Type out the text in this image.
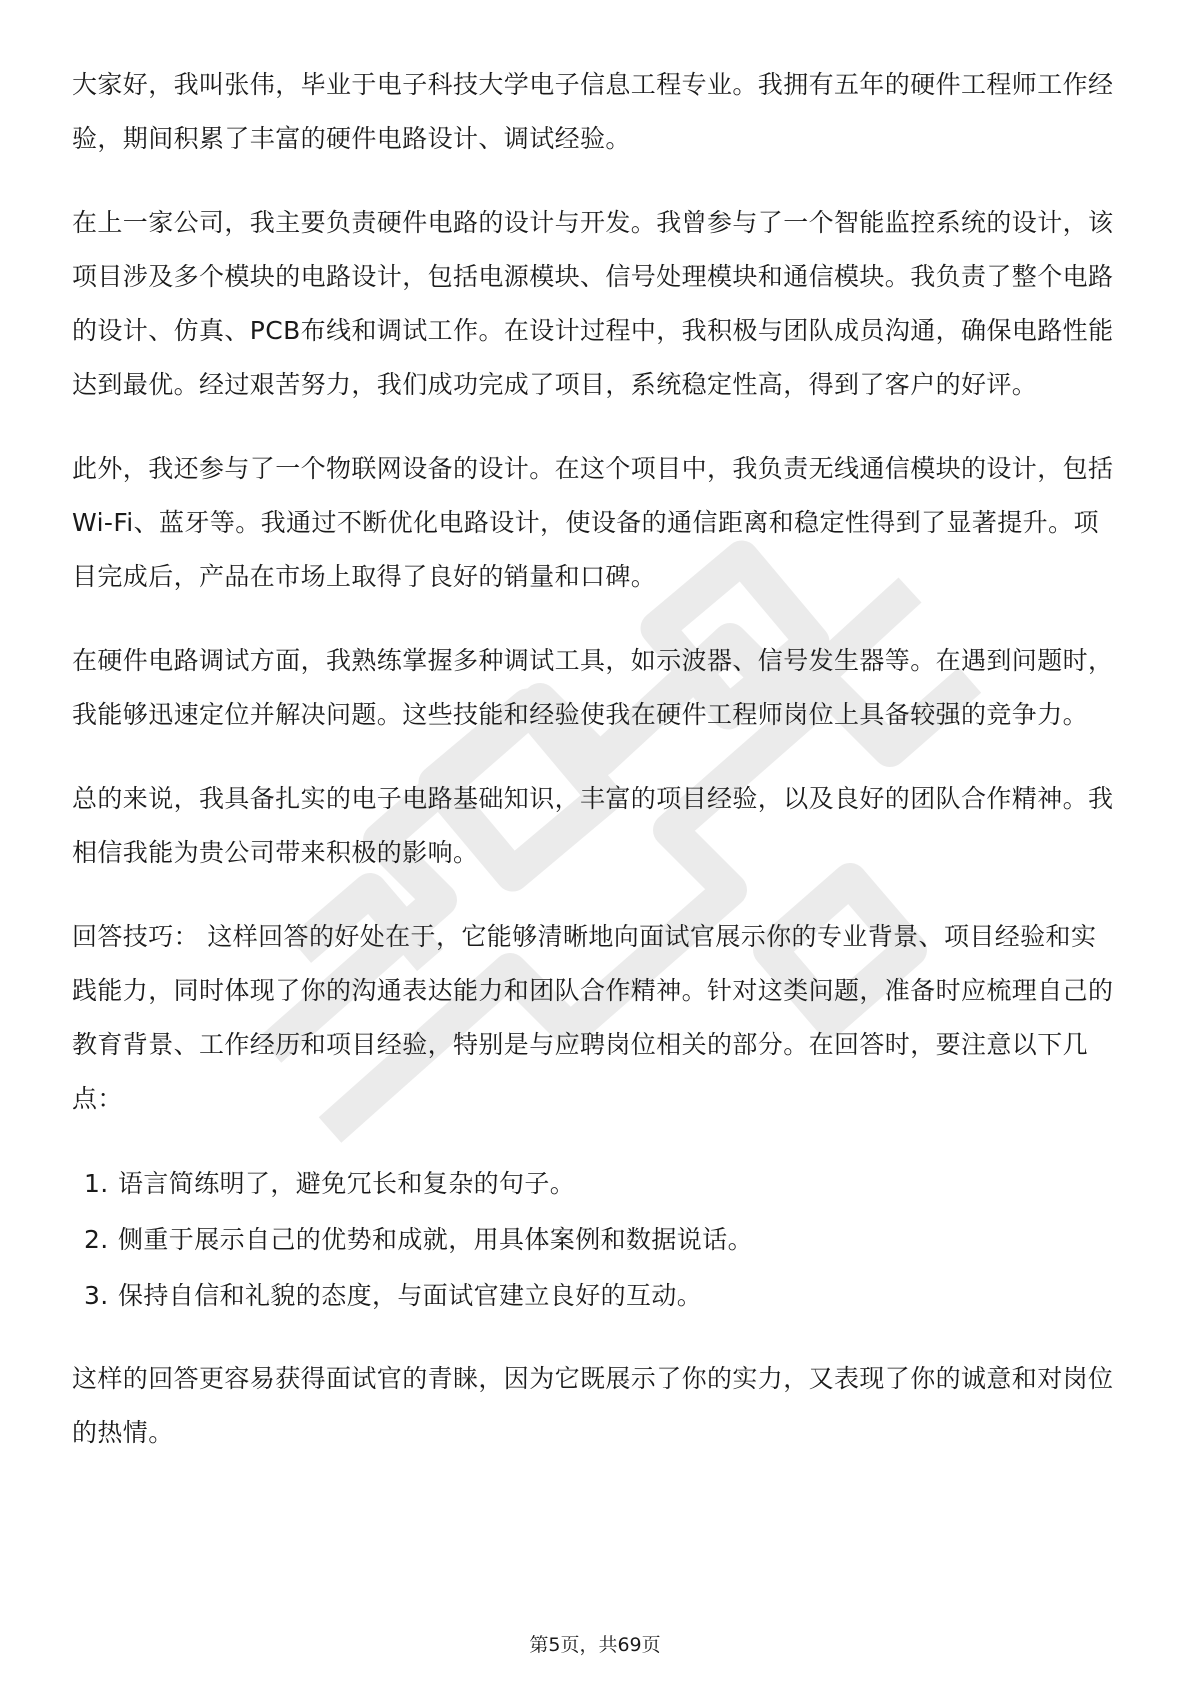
大家好，我叫张伟，毕业于电子科技大学电子信息工程专业。我拥有五年的硬件工程师工作经验，期间积累了丰富的硬件电路设计、调试经验。

在上一家公司，我主要负责硬件电路的设计与开发。我曾参与了一个智能监控系统的设计，该项目涉及多个模块的电路设计，包括电源模块、信号处理模块和通信模块。我负责了整个电路的设计、仿真、PCB布线和调试工作。在设计过程中，我积极与团队成员沟通，确保电路性能达到最优。经过艰苦努力，我们成功完成了项目，系统稳定性高，得到了客户的好评。

此外，我还参与了一个物联网设备的设计。在这个项目中，我负责无线通信模块的设计，包括Wi-Fi、蓝牙等。我通过不断优化电路设计，使设备的通信距离和稳定性得到了显著提升。项目完成后，产品在市场上取得了良好的销量和口碑。

在硬件电路调试方面，我熟练掌握多种调试工具，如示波器、信号发生器等。在遇到问题时，我能够迅速定位并解决问题。这些技能和经验使我在硬件工程师岗位上具备较强的竞争力。

总的来说，我具备扎实的电子电路基础知识，丰富的项目经验，以及良好的团队合作精神。我相信我能为贵公司带来积极的影响。

回答技巧： 这样回答的好处在于，它能够清晰地向面试官展示你的专业背景、项目经验和实践能力，同时体现了你的沟通表达能力和团队合作精神。针对这类问题，准备时应梳理自己的教育背景、工作经历和项目经验，特别是与应聘岗位相关的部分。在回答时，要注意以下几点：

1. 语言简练明了，避免冗长和复杂的句子。
2. 侧重于展示自己的优势和成就，用具体案例和数据说话。
3. 保持自信和礼貌的态度，与面试官建立良好的互动。

这样的回答更容易获得面试官的青睐，因为它既展示了你的实力，又表现了你的诚意和对岗位的热情。

第5页，共69页
